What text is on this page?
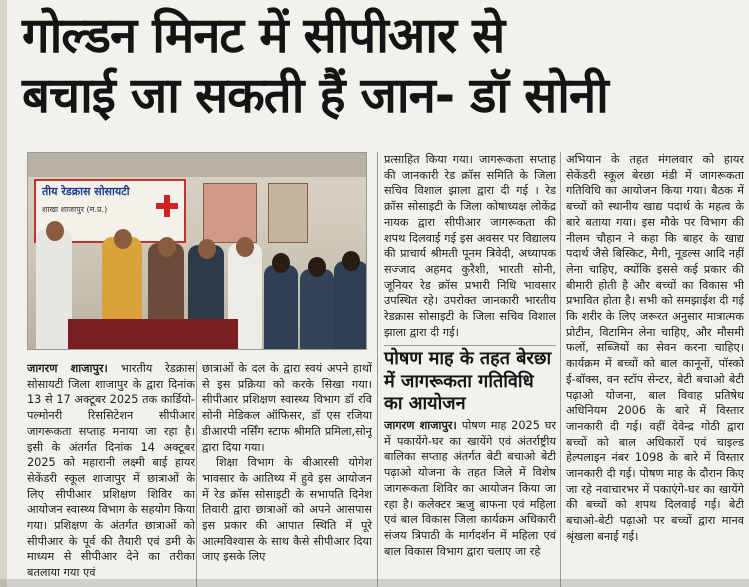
गोल्डन मिनट में सीपीआर से
बचाई जा सकती हैं जान- डॉ सोनी
तीय रेडक्रास सोसायटी
शाखा शाजापुर (म.प्र.)
जागरण शाजापुर। भारतीय रेडक्रास सोसायटी जिला शाजापुर के द्वारा दिनांक 13 से 17 अक्टूबर 2025 तक कार्डियो-पल्मोनरी रिससिटेशन सीपीआर जागरूकता सप्ताह मनाया जा रहा है। इसी के अंतर्गत दिनांक 14 अक्टूबर 2025 को महारानी लक्ष्मी बाई हायर सेकेंडरी स्कूल शाजापुर में छात्राओं के लिए सीपीआर प्रशिक्षण शिविर का आयोजन स्वास्थ्य विभाग के सहयोग किया गया। प्रशिक्षण के अंतर्गत छात्राओं को सीपीआर के पूर्व की तैयारी एवं डमी के माध्यम से सीपीआर देने का तरीका बतलाया गया एवं

छात्राओं के दल के द्वारा स्वयं अपने हाथों से इस प्रक्रिया को करके सिखा गया। सीपीआर प्रशिक्षण स्वास्थ्य विभाग डॉ रवि सोनी मेडिकल ऑफिसर, डॉ एस रजिया डीआरपी नर्सिंग स्टाफ श्रीमति प्रमिला,सोनू द्वारा दिया गया।

शिक्षा विभाग के बीआरसी योगेश भावसार के आतिथ्य में हुवे इस आयोजन में रेड क्रॉस सोसाइटी के सभापति दिनेश तिवारी द्वारा छात्राओं को अपने आसपास इस प्रकार की आपात स्थिति में पूरे आत्मविश्वास के साथ कैसे सीपीआर दिया जाए इसके लिए

प्रत्साहित किया गया। जागरूकता सप्ताह की जानकारी रेड क्रॉस समिति के जिला सचिव विशाल झाला द्वारा दी गई । रेड क्रॉस सोसाइटी के जिला कोषाध्यक्ष लोकेंद्र नायक द्वारा सीपीआर जागरूकता की शपथ दिलवाई गई इस अवसर पर विद्यालय की प्राचार्य श्रीमती पूनम त्रिवेदी, अध्यापक सज्जाद अहमद कुरैशी, भारती सोनी, जूनियर रेड क्रॉस प्रभारी निधि भावसार उपस्थित रहे। उपरोक्त जानकारी भारतीय रेडक्रास सोसाइटी के जिला सचिव विशाल झाला द्वारा दी गई।
पोषण माह के तहत बेरछा में जागरूकता गतिविधि का आयोजन
जागरण शाजापुर। पोषण माह 2025 घर में पकायेंगे-घर का खायेंगे एवं अंतर्राष्ट्रीय बालिका सप्ताह अंतर्गत बेटी बचाओ बेटी पढ़ाओ योजना के तहत जिले में विशेष जागरूकता शिविर का आयोजन किया जा रहा है। कलेक्टर ऋजु बाफना एवं महिला एवं बाल विकास जिला कार्यक्रम अधिकारी संजय त्रिपाठी के मार्गदर्शन में महिला एवं बाल विकास विभाग द्वारा चलाए जा रहे
अभियान के तहत मंगलवार को हायर सेकेंडरी स्कूल बेरछा मंडी में जागरूकता गतिविधि का आयोजन किया गया। बैठक में बच्चों को स्थानीय खाद्य पदार्थ के महत्व के बारे बताया गया। इस मौके पर विभाग की नीलम चौहान ने कहा कि बाहर के खाद्य पदार्थ जैसे बिस्किट, मैगी, नूडल्स आदि नहीं लेना चाहिए, क्योंकि इससे कई प्रकार की बीमारी होती है और बच्चों का विकास भी प्रभावित होता है। सभी को समझाईश दी गई कि शरीर के लिए जरूरत अनुसार मात्रात्मक प्रोटीन, विटामिन लेना चाहिए, और मौसमी फलों, सब्जियों का सेवन करना चाहिए। कार्यक्रम में बच्चों को बाल कानूनों, पॉस्को ई-बॉक्स, वन स्टॉप सेन्टर, बेटी बचाओ बेटी पढ़ाओ योजना, बाल विवाह प्रतिषेध अधिनियम 2006 के बारे में विस्तार जानकारी दी गई। वहीं देवेन्द्र गोठी द्वारा बच्चों को बाल अधिकारों एवं चाइल्ड हेल्पलाइन नंबर 1098 के बारे में विस्तार जानकारी दी गई। पोषण माह के दौरान किए जा रहे नवाचारभर में पकाएंगे-घर का खायेंगे की बच्चों को शपथ दिलवाई गई। बेटी बचाओ-बेटी पढ़ाओ पर बच्चों द्वारा मानव श्रृंखला बनाई गई।
